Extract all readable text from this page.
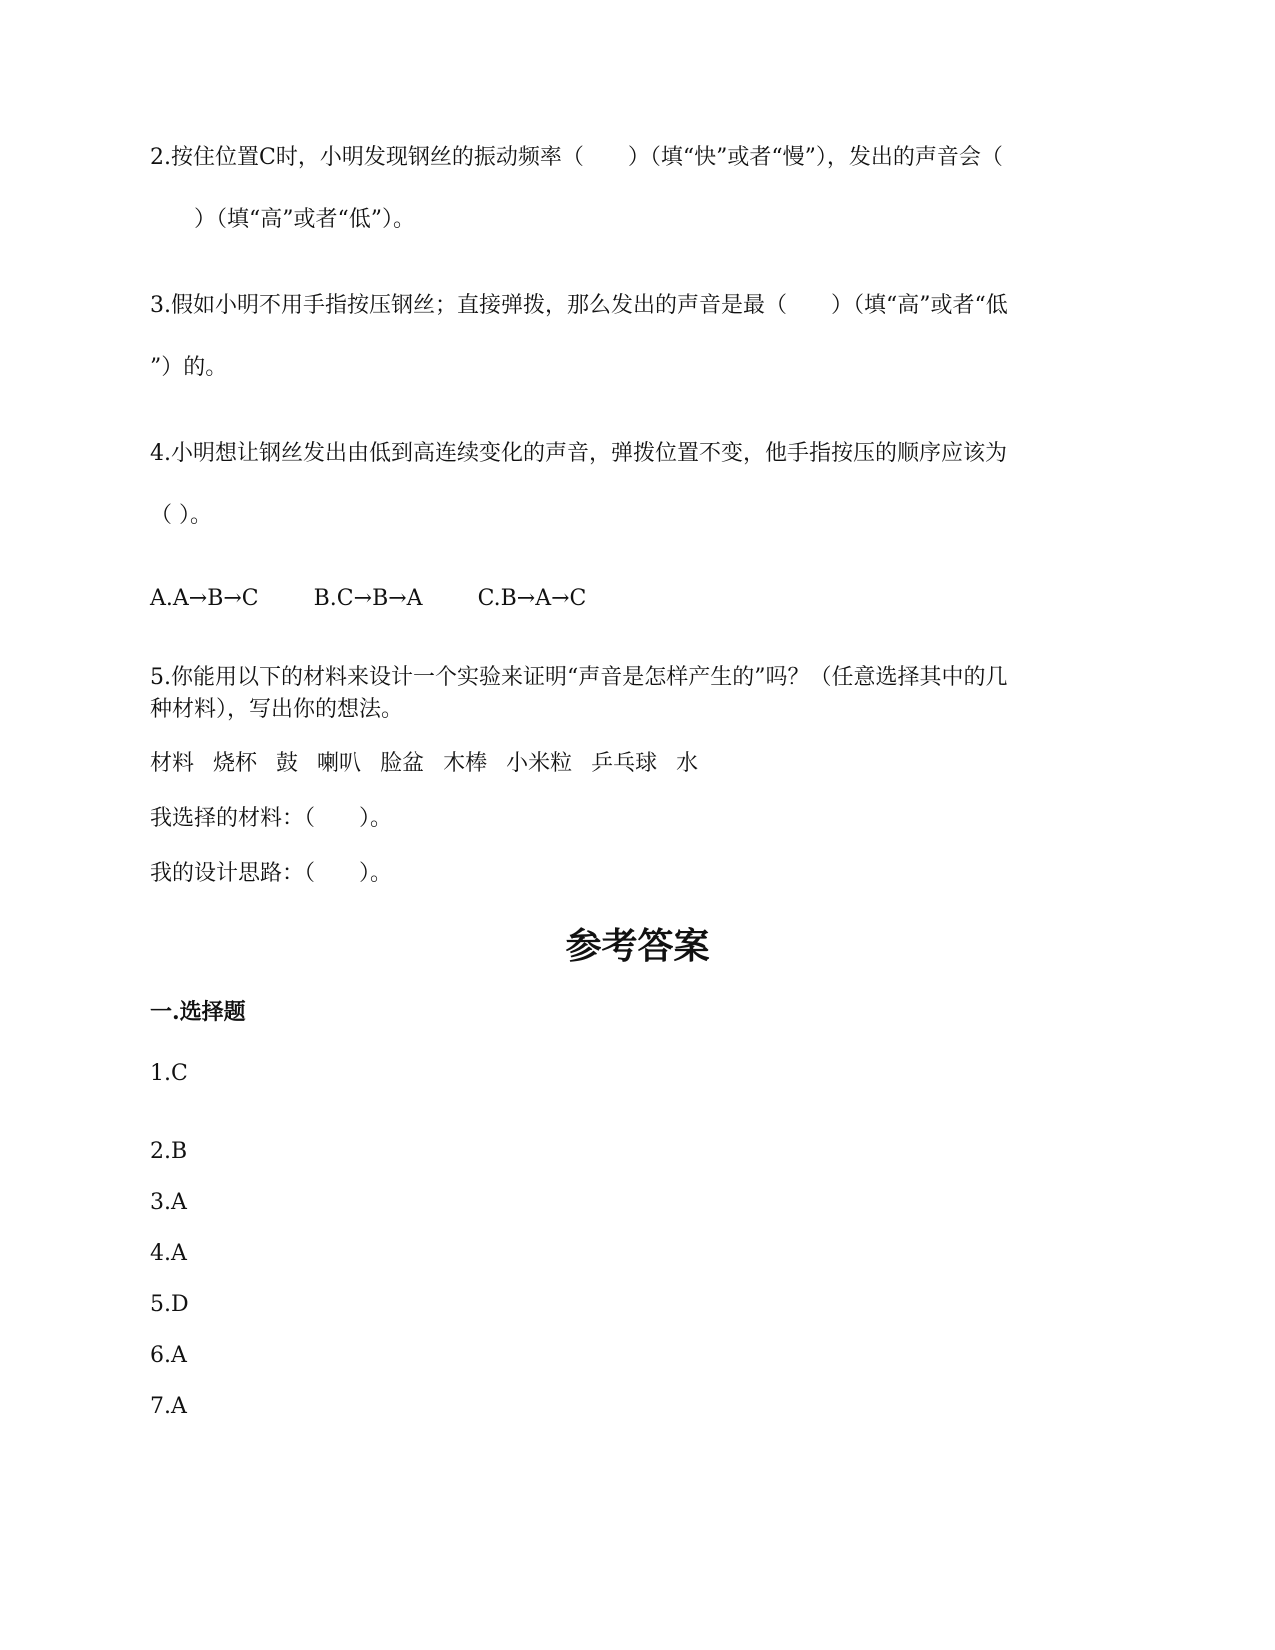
2.按住位置C时，小明发现钢丝的振动频率（　　）（填“快”或者“慢”），发出的声音会（
　　）（填“高”或者“低”）。
3.假如小明不用手指按压钢丝；直接弹拨，那么发出的声音是最（　　）（填“高”或者“低
”）的。
4.小明想让钢丝发出由低到高连续变化的声音，弹拨位置不变，他手指按压的顺序应该为
（ ）。
A.A→B→C	B.C→B→A	C.B→A→C
5.你能用以下的材料来设计一个实验来证明“声音是怎样产生的”吗？（任意选择其中的几
种材料），写出你的想法。
材料 烧杯 鼓 喇叭 脸盆 木棒 小米粒 乒乓球 水
我选择的材料：（　　）。
我的设计思路：（　　）。
参考答案
一.选择题
1.C
2.B
3.A
4.A
5.D
6.A
7.A
